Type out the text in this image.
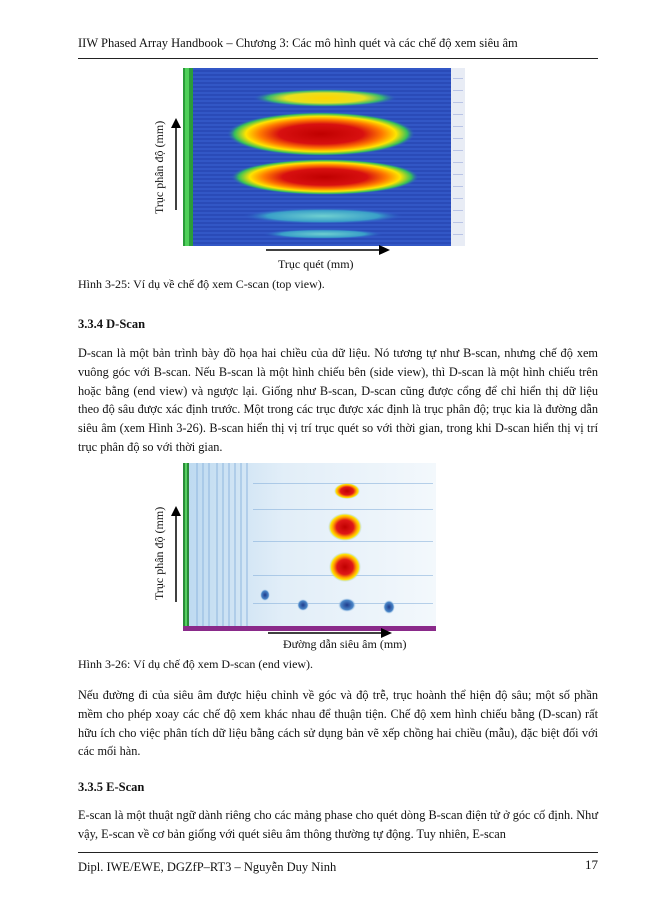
IIW Phased Array Handbook – Chương 3: Các mô hình quét và các chế độ xem siêu âm
Trục phân độ (mm)
Trục quét (mm)
Hình 3-25: Ví dụ về chế độ xem C-scan (top view).
3.3.4 D-Scan

D-scan là một bản trình bày đồ họa hai chiều của dữ liệu. Nó tương tự như B-scan, nhưng chế độ xem vuông góc với B-scan. Nếu B-scan là một hình chiếu bên (side view), thì D-scan là một hình chiếu trên hoặc bằng (end view) và ngược lại. Giống như B-scan, D-scan cũng được cổng để chỉ hiển thị dữ liệu theo độ sâu được xác định trước. Một trong các trục được xác định là trục phân độ; trục kia là đường dẫn siêu âm (xem Hình 3-26). B-scan hiển thị vị trí trục quét so với thời gian, trong khi D-scan hiển thị vị trí trục phân độ so với thời gian.

Trục phân độ (mm)
Đường dẫn siêu âm (mm)
Hình 3-26: Ví dụ chế độ xem D-scan (end view).

Nếu đường đi của siêu âm được hiệu chỉnh về góc và độ trễ, trục hoành thể hiện độ sâu; một số phần mềm cho phép xoay các chế độ xem khác nhau để thuận tiện. Chế độ xem hình chiếu bằng (D-scan) rất hữu ích cho việc phân tích dữ liệu bằng cách sử dụng bản vẽ xếp chồng hai chiều (mẫu), đặc biệt đối với các mối hàn.

3.3.5 E-Scan

E-scan là một thuật ngữ dành riêng cho các mảng phase cho quét dòng B-scan điện tử ở góc cố định. Như vậy, E-scan về cơ bản giống với quét siêu âm thông thường tự động. Tuy nhiên, E-scan

Dipl. IWE/EWE, DGZfP–RT3 – Nguyễn Duy Ninh	17
